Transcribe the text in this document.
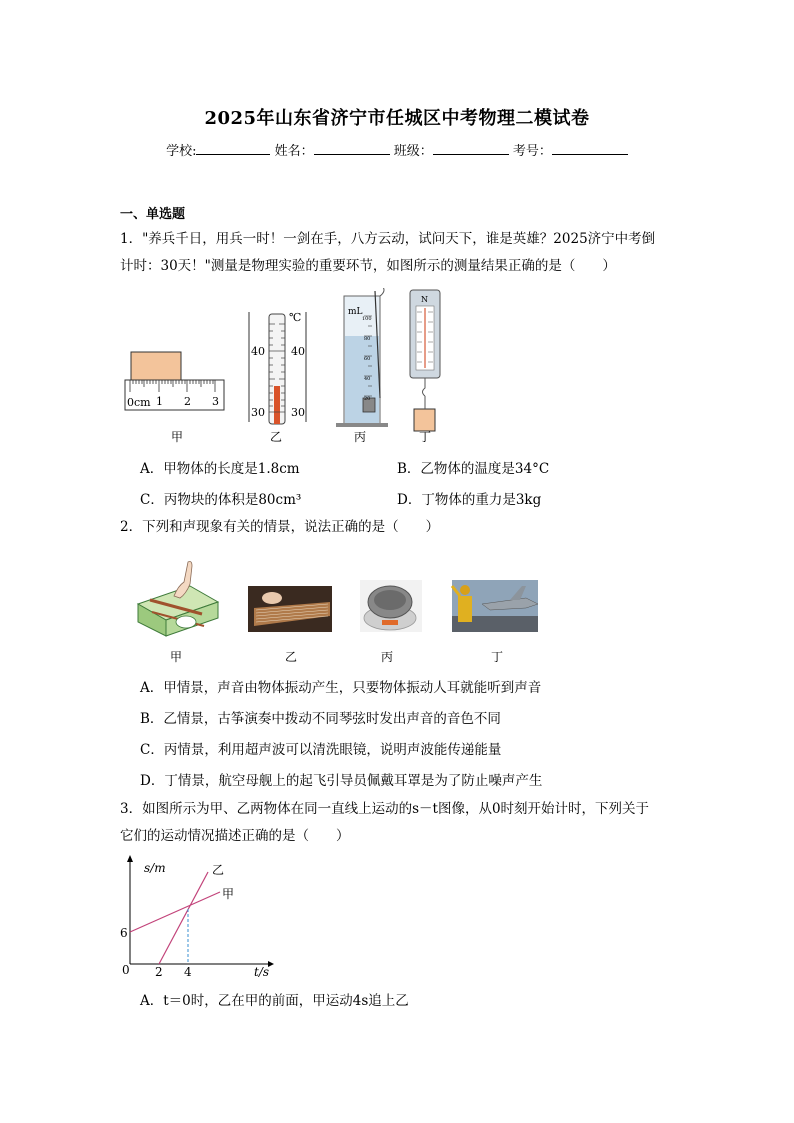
2025年山东省济宁市任城区中考物理二模试卷
学校:	姓名：	班级：	考号：
一、单选题
1．"养兵千日，用兵一时！一剑在手，八方云动，试问天下，谁是英雄？2025济宁中考倒
计时：30天！"测量是物理实验的重要环节，如图所示的测量结果正确的是（　　）
0cm 1 2 3
℃
40 40
30 30
mL
100
80
60
40
20
N
甲	乙	丙	丁
A．甲物体的长度是1.8cm	B．乙物体的温度是34°C
C．丙物块的体积是80cm³	D．丁物体的重力是3kg
2．下列和声现象有关的情景，说法正确的是（　　）
甲	乙	丙	丁
A．甲情景，声音由物体振动产生，只要物体振动人耳就能听到声音
B．乙情景，古筝演奏中拨动不同琴弦时发出声音的音色不同
C．丙情景，利用超声波可以清洗眼镜，说明声波能传递能量
D．丁情景，航空母舰上的起飞引导员佩戴耳罩是为了防止噪声产生
3．如图所示为甲、乙两物体在同一直线上运动的s－t图像，从0时刻开始计时，下列关于
它们的运动情况描述正确的是（　　）
s/m
t/s
0
6
2 4
乙
甲
A．t＝0时，乙在甲的前面，甲运动4s追上乙
